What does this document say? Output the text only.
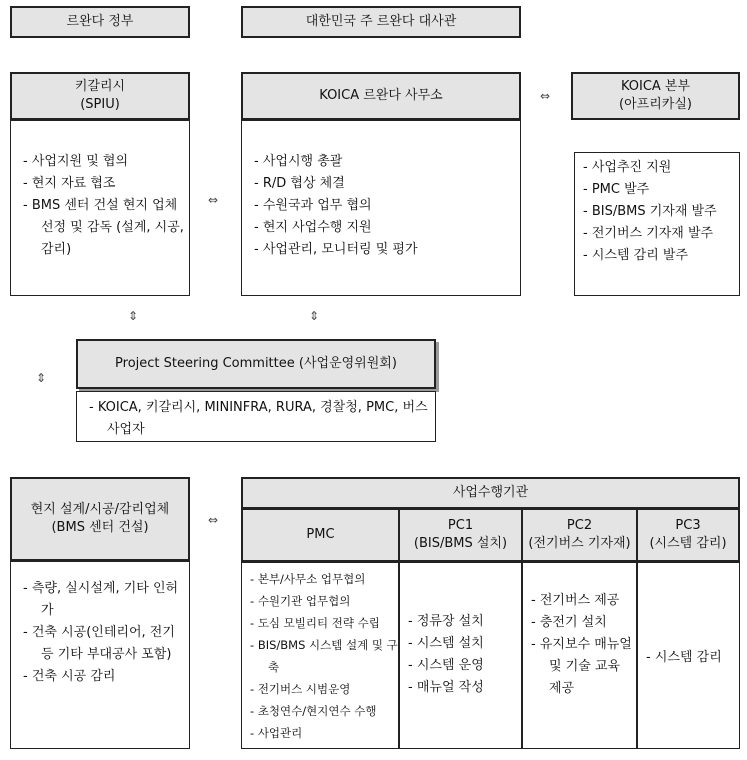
르완다 정부	대한민국 주 르완다 대사관
키갈리시
(SPIU)
- 사업지원 및 협의
- 현지 자료 협조
- BMS 센터 건설 현지 업체 선정 및 감독 (설계, 시공, 감리)
KOICA 르완다 사무소
- 사업시행 총괄
- R/D 협상 체결
- 수원국과 업무 협의
- 현지 사업수행 지원
- 사업관리, 모니터링 및 평가
KOICA 본부
(아프리카실)
- 사업추진 지원
- PMC 발주
- BIS/BMS 기자재 발주
- 전기버스 기자재 발주
- 시스템 감리 발주
⇔
⇔
⇕	⇕
⇕
Project Steering Committee (사업운영위원회)
- KOICA, 키갈리시, MININFRA, RURA, 경찰청, PMC, 버스사업자
현지 설계/시공/감리업체
(BMS 센터 건설)
- 측량, 실시설계, 기타 인허가
- 건축 시공(인테리어, 전기 등 기타 부대공사 포함)
- 건축 시공 감리
⇔
사업수행기관
PMC
PC1
(BIS/BMS 설치)
PC2
(전기버스 기자재)
PC3
(시스템 감리)
- 본부/사무소 업무협의
- 수원기관 업무협의
- 도심 모빌리티 전략 수립
- BIS/BMS 시스템 설계 및 구축
- 전기버스 시범운영
- 초청연수/현지연수 수행
- 사업관리
- 정류장 설치
- 시스템 설치
- 시스템 운영
- 매뉴얼 작성
- 전기버스 제공
- 충전기 설치
- 유지보수 매뉴얼 및 기술 교육 제공
- 시스템 감리
